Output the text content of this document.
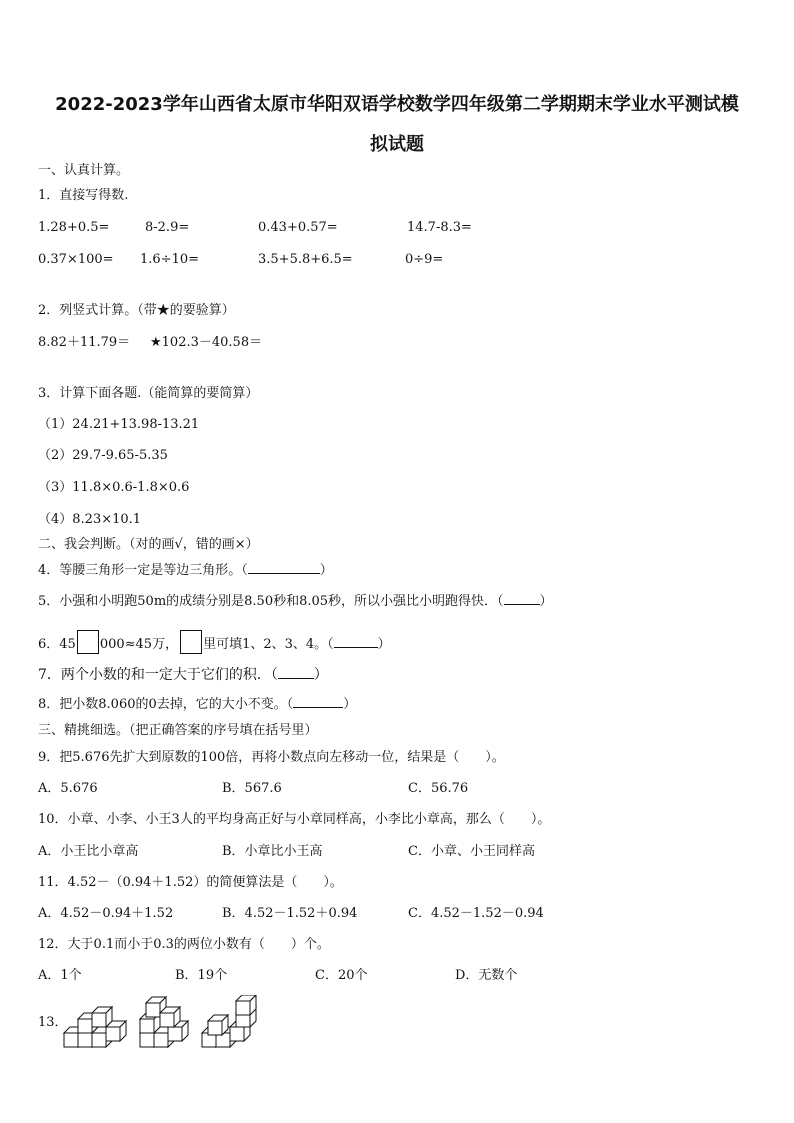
2022-2023学年山西省太原市华阳双语学校数学四年级第二学期期末学业水平测试模
拟试题
一、认真计算。
1．直接写得数.
1.28+0.5=	8-2.9=	0.43+0.57=	14.7-8.3=
0.37×100= 1.6÷10=	3.5+5.8+6.5=	0÷9=
2．列竖式计算。（带★的要验算）
8.82＋11.79＝ ★102.3－40.58＝
3．计算下面各题.（能简算的要简算）
（1）24.21+13.98-13.21
（2）29.7-9.65-5.35
（3）11.8×0.6-1.8×0.6
（4）8.23×10.1
二、我会判断。（对的画√，错的画×）
4．等腰三角形一定是等边三角形。（	）
5．小强和小明跑50m的成绩分别是8.50秒和8.05秒，所以小强比小明跑得快．（	）
6．45 000≈45万， 里可填1、2、3、4。（	）
7．两个小数的和一定大于它们的积．（	）
8．把小数8.060的0去掉，它的大小不变。（	）
三、精挑细选。（把正确答案的序号填在括号里）
9．把5.676先扩大到原数的100倍，再将小数点向左移动一位，结果是（　　）。
A．5.676	B．567.6	C．56.76
10．小章、小李、小王3人的平均身高正好与小章同样高，小李比小章高，那么（　　）。
A．小王比小章高	B．小章比小王高	C．小章、小王同样高
11．4.52－（0.94＋1.52）的简便算法是（　　）。
A．4.52－0.94＋1.52	B．4.52－1.52＋0.94	C．4.52－1.52－0.94
12．大于0.1而小于0.3的两位小数有（　　）个。
A．1个	B．19个	C．20个	D．无数个
13．
